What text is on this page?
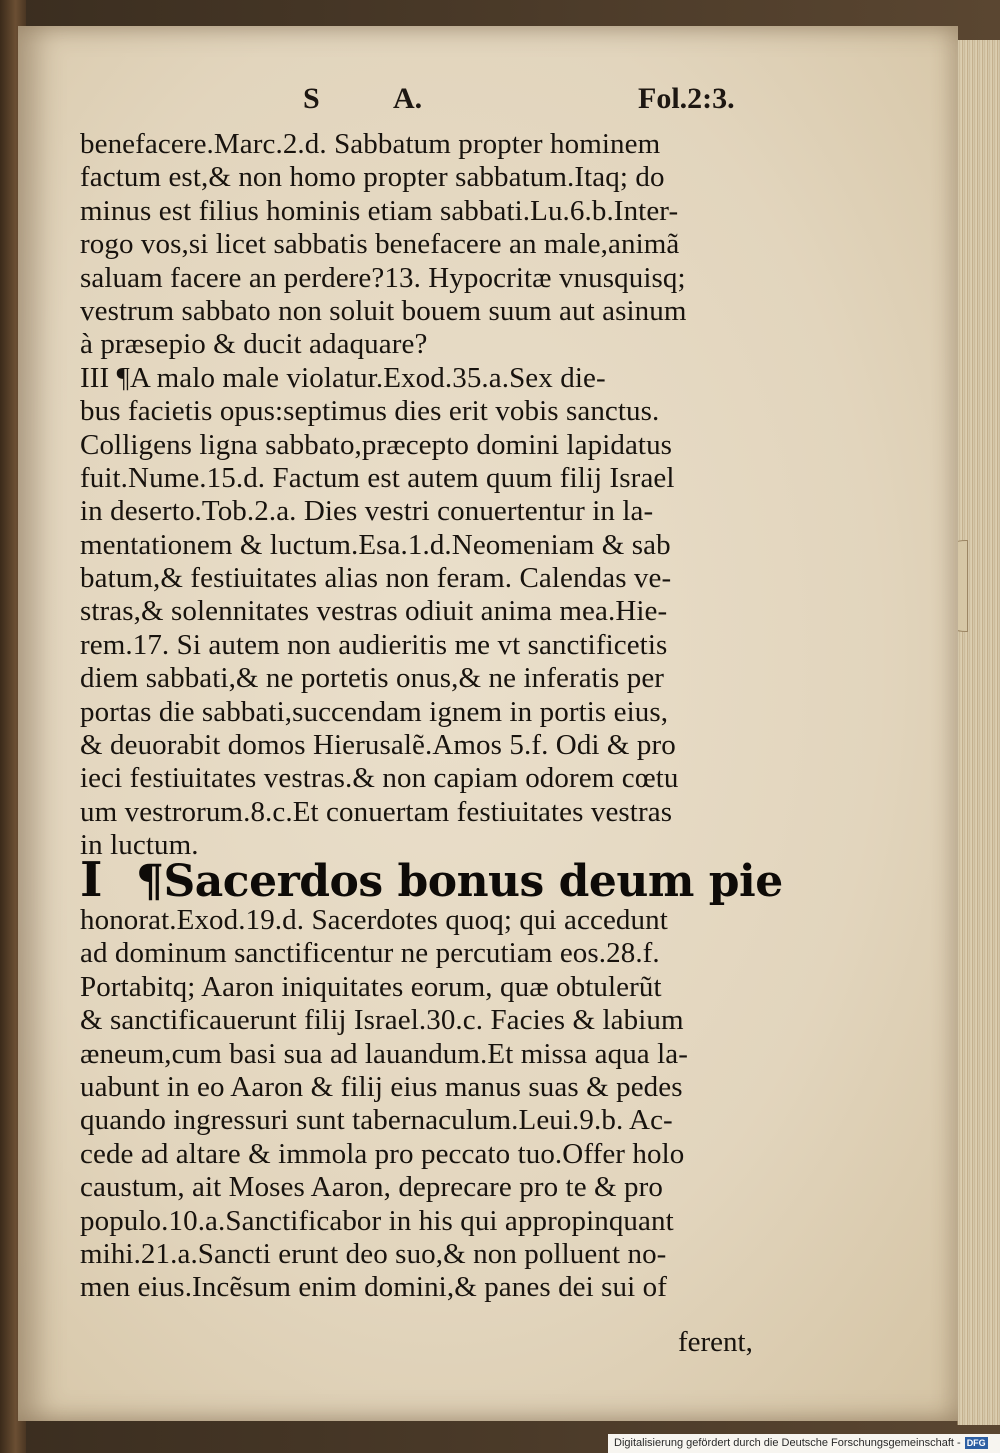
S A.	Fol.2:3.
benefacere.Marc.2.d. Sabbatum propter hominem
factum est,& non homo propter sabbatum.Itaq; do
minus est filius hominis etiam sabbati.Lu.6.b.Inter-
rogo vos,si licet sabbatis benefacere an male,animã
saluam facere an perdere?13. Hypocritæ vnusquisq;
vestrum sabbato non soluit bouem suum aut asinum
à præsepio & ducit adaquare?
III ¶A malo male violatur.Exod.35.a.Sex die-
bus facietis opus:septimus dies erit vobis sanctus.
Colligens ligna sabbato,præcepto domini lapidatus
fuit.Nume.15.d. Factum est autem quum filij Israel
in deserto.Tob.2.a. Dies vestri conuertentur in la-
mentationem & luctum.Esa.1.d.Neomeniam & sab
batum,& festiuitates alias non feram. Calendas ve-
stras,& solennitates vestras odiuit anima mea.Hie-
rem.17. Si autem non audieritis me vt sanctificetis
diem sabbati,& ne portetis onus,& ne inferatis per
portas die sabbati,succendam ignem in portis eius,
& deuorabit domos Hierusalẽ.Amos 5.f. Odi & pro
ieci festiuitates vestras.& non capiam odorem cœtu
um vestrorum.8.c.Et conuertam festiuitates vestras
in luctum.
I ¶Sacerdos bonus deum pie
honorat.Exod.19.d. Sacerdotes quoq; qui accedunt
ad dominum sanctificentur ne percutiam eos.28.f.
Portabitq; Aaron iniquitates eorum, quæ obtulerũt
& sanctificauerunt filij Israel.30.c. Facies & labium
æneum,cum basi sua ad lauandum.Et missa aqua la-
uabunt in eo Aaron & filij eius manus suas & pedes
quando ingressuri sunt tabernaculum.Leui.9.b. Ac-
cede ad altare & immola pro peccato tuo.Offer holo
caustum, ait Moses Aaron, deprecare pro te & pro
populo.10.a.Sanctificabor in his qui appropinquant
mihi.21.a.Sancti erunt deo suo,& non polluent no-
men eius.Incẽsum enim domini,& panes dei sui of
ferent,
Digitalisierung gefördert durch die Deutsche Forschungsgemeinschaft - DFG
